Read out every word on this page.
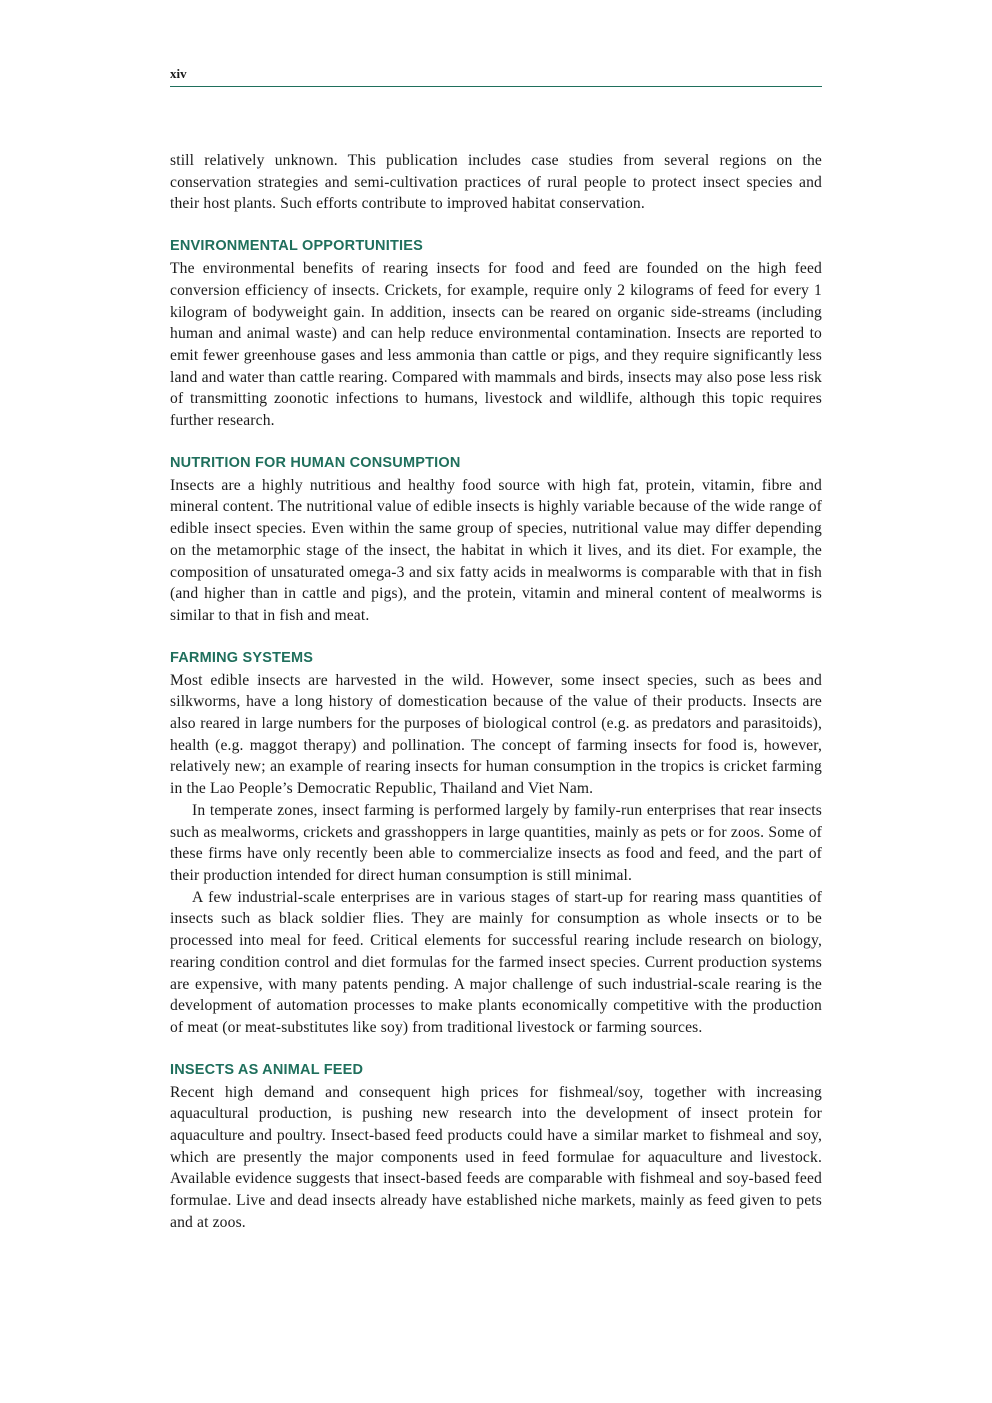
xiv

still relatively unknown. This publication includes case studies from several regions on the conservation strategies and semi-cultivation practices of rural people to protect insect species and their host plants. Such efforts contribute to improved habitat conservation.

ENVIRONMENTAL OPPORTUNITIES

The environmental benefits of rearing insects for food and feed are founded on the high feed conversion efficiency of insects. Crickets, for example, require only 2 kilograms of feed for every 1 kilogram of bodyweight gain. In addition, insects can be reared on organic side-streams (including human and animal waste) and can help reduce environmental contamination. Insects are reported to emit fewer greenhouse gases and less ammonia than cattle or pigs, and they require significantly less land and water than cattle rearing. Compared with mammals and birds, insects may also pose less risk of transmitting zoonotic infections to humans, livestock and wildlife, although this topic requires further research.

NUTRITION FOR HUMAN CONSUMPTION

Insects are a highly nutritious and healthy food source with high fat, protein, vitamin, fibre and mineral content. The nutritional value of edible insects is highly variable because of the wide range of edible insect species. Even within the same group of species, nutritional value may differ depending on the metamorphic stage of the insect, the habitat in which it lives, and its diet. For example, the composition of unsaturated omega-3 and six fatty acids in mealworms is comparable with that in fish (and higher than in cattle and pigs), and the protein, vitamin and mineral content of mealworms is similar to that in fish and meat.

FARMING SYSTEMS

Most edible insects are harvested in the wild. However, some insect species, such as bees and silkworms, have a long history of domestication because of the value of their products. Insects are also reared in large numbers for the purposes of biological control (e.g. as predators and parasitoids), health (e.g. maggot therapy) and pollination. The concept of farming insects for food is, however, relatively new; an example of rearing insects for human consumption in the tropics is cricket farming in the Lao People’s Democratic Republic, Thailand and Viet Nam.

In temperate zones, insect farming is performed largely by family-run enterprises that rear insects such as mealworms, crickets and grasshoppers in large quantities, mainly as pets or for zoos. Some of these firms have only recently been able to commercialize insects as food and feed, and the part of their production intended for direct human consumption is still minimal.

A few industrial-scale enterprises are in various stages of start-up for rearing mass quantities of insects such as black soldier flies. They are mainly for consumption as whole insects or to be processed into meal for feed. Critical elements for successful rearing include research on biology, rearing condition control and diet formulas for the farmed insect species. Current production systems are expensive, with many patents pending. A major challenge of such industrial-scale rearing is the development of automation processes to make plants economically competitive with the production of meat (or meat-substitutes like soy) from traditional livestock or farming sources.

INSECTS AS ANIMAL FEED

Recent high demand and consequent high prices for fishmeal/soy, together with increasing aquacultural production, is pushing new research into the development of insect protein for aquaculture and poultry. Insect-based feed products could have a similar market to fishmeal and soy, which are presently the major components used in feed formulae for aquaculture and livestock. Available evidence suggests that insect-based feeds are comparable with fishmeal and soy-based feed formulae. Live and dead insects already have established niche markets, mainly as feed given to pets and at zoos.
